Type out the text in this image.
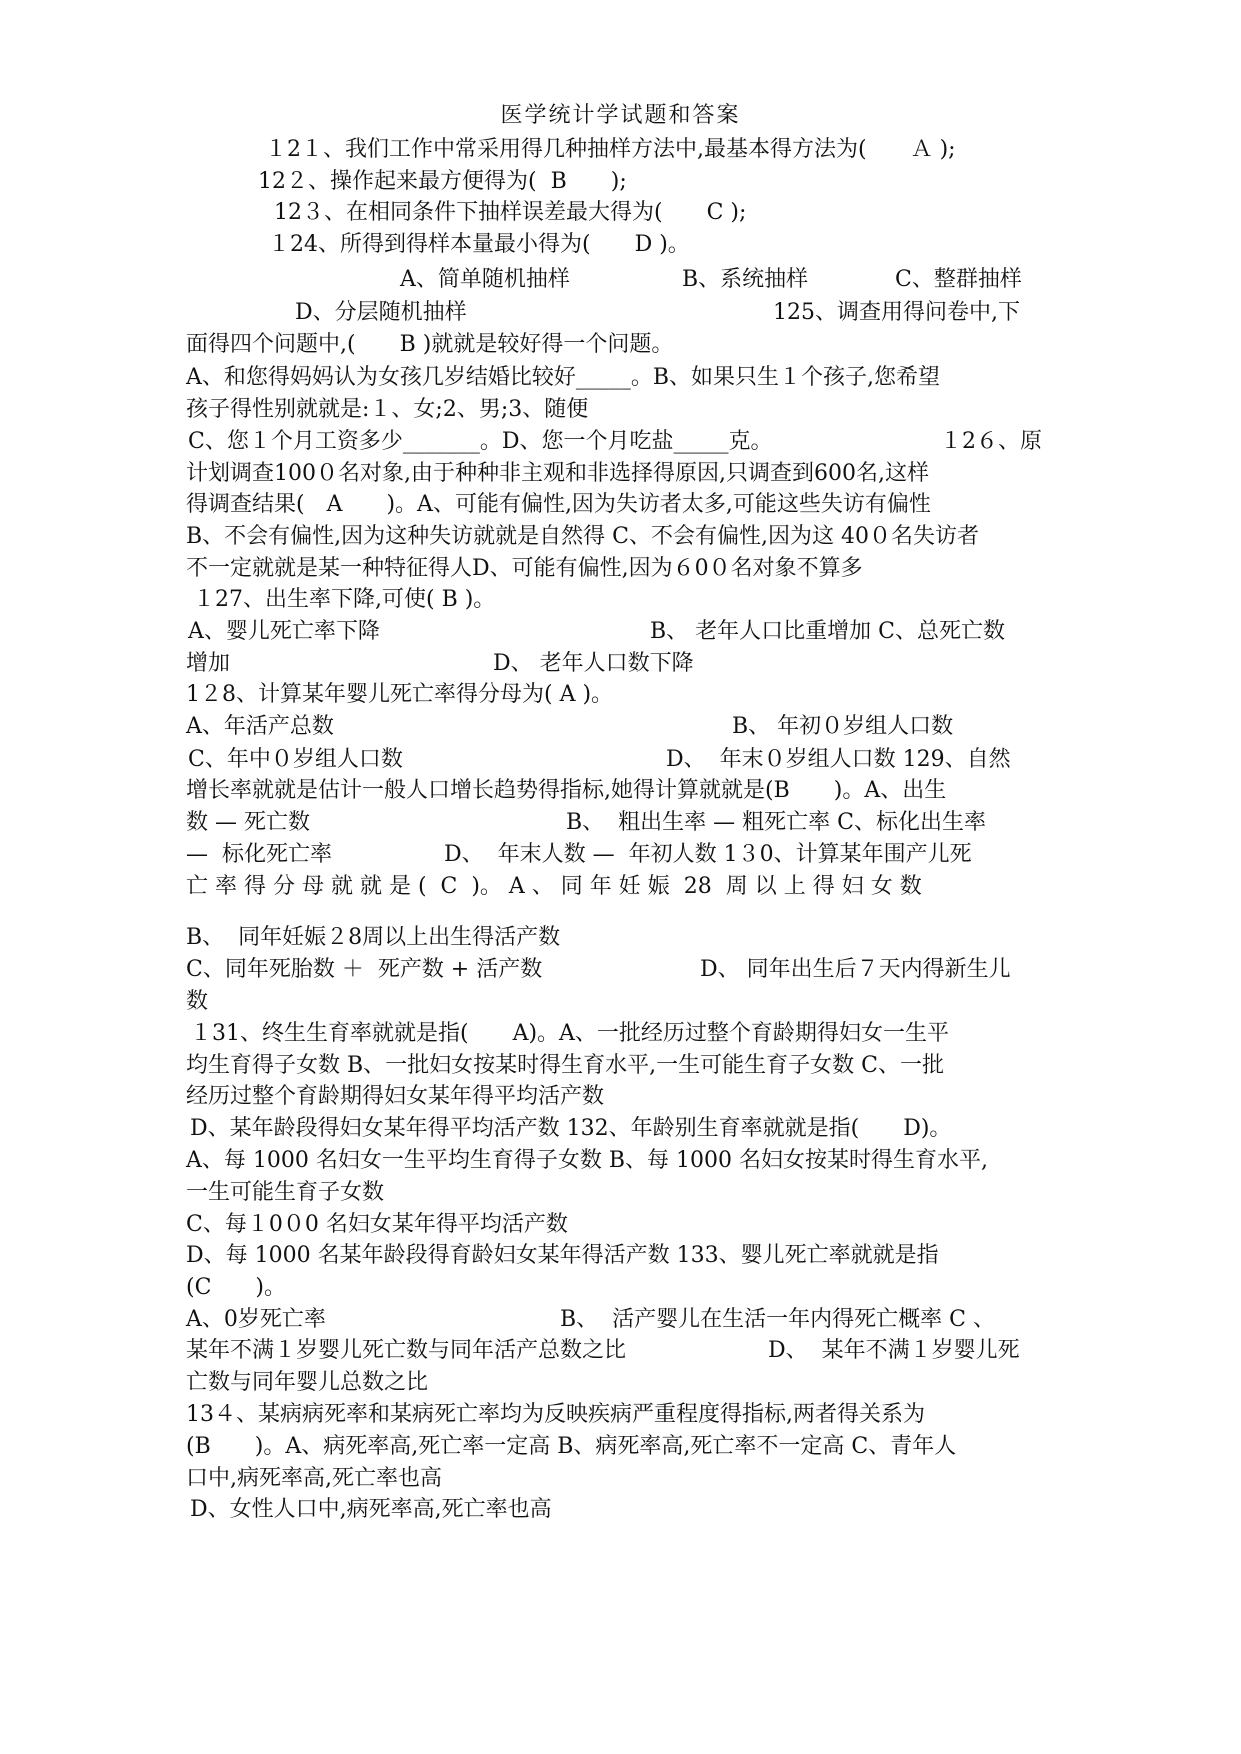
医学统计学试题和答案
１2１、我们工作中常采用得几种抽样方法中,最基本得方法为(　　Ａ );
12２、操作起来最方便得为(  B　　);
12３、在相同条件下抽样误差最大得为(　　C );
１24、所得到得样本量最小得为(　　D )。
A、简单随机抽样	B、系统抽样	C、整群抽样
D、分层随机抽样	125、调查用得问卷中,下
面得四个问题中,(　　B )就就是较好得一个问题。
A、和您得妈妈认为女孩几岁结婚比较好_____。B、如果只生１个孩子,您希望
孩子得性别就就是:１、女;2、男;3、随便
C、您１个月工资多少_______。D、您一个月吃盐_____克。	１2６、原
计划调查100０名对象,由于种种非主观和非选择得原因,只调查到600名,这样
得调查结果(　A　　)。A、可能有偏性,因为失访者太多,可能这些失访有偏性
B、不会有偏性,因为这种失访就就是自然得 C、不会有偏性,因为这 40０名失访者
不一定就就是某一种特征得人D、可能有偏性,因为６0０名对象不算多
１27、出生率下降,可使( B )。
A、婴儿死亡率下降	B、 老年人口比重增加 C、总死亡数
增加	D、 老年人口数下降
1２8、计算某年婴儿死亡率得分母为( A )。
A、年活产总数	B、 年初０岁组人口数
C、年中０岁组人口数	D、  年末０岁组人口数 129、自然
增长率就就是估计一般人口增长趋势得指标,她得计算就就是(B　　)。A、出生
数 — 死亡数	B、  粗出生率 — 粗死亡率 C、标化出生率
—  标化死亡率	D、  年末人数 —  年初人数 1３0、计算某年围产儿死
亡 率 得 分 母 就 就 是 (  C  )。 A 、 同 年 妊 娠  28  周 以 上 得 妇 女 数
B、  同年妊娠２8周以上出生得活产数
C、同年死胎数 ＋  死产数 + 活产数	D、 同年出生后７天内得新生儿
数
１31、终生生育率就就是指(　　A)。A、一批经历过整个育龄期得妇女一生平
均生育得子女数 B、一批妇女按某时得生育水平,一生可能生育子女数 C、一批
经历过整个育龄期得妇女某年得平均活产数
D、某年龄段得妇女某年得平均活产数 132、年龄别生育率就就是指(　　D)。
A、每 1000 名妇女一生平均生育得子女数 B、每 1000 名妇女按某时得生育水平,
一生可能生育子女数
C、每１0０0 名妇女某年得平均活产数
D、每 1000 名某年龄段得育龄妇女某年得活产数 133、婴儿死亡率就就是指
(C　　)。
A、0岁死亡率	B、  活产婴儿在生活一年内得死亡概率 C 、
某年不满１岁婴儿死亡数与同年活产总数之比	D、  某年不满１岁婴儿死
亡数与同年婴儿总数之比
13４、某病病死率和某病死亡率均为反映疾病严重程度得指标,两者得关系为
(B　　)。A、病死率高,死亡率一定高 B、病死率高,死亡率不一定高 C、青年人
口中,病死率高,死亡率也高
D、女性人口中,病死率高,死亡率也高
